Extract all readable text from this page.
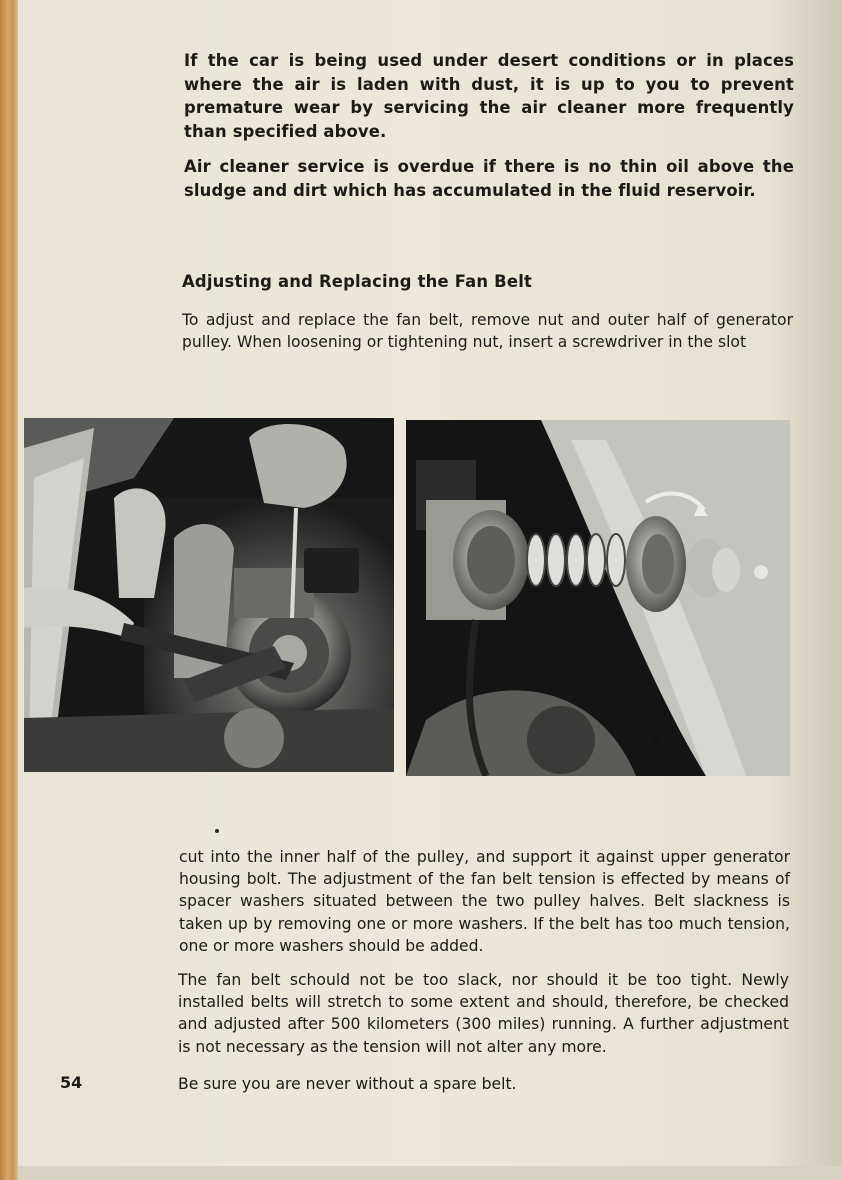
If the car is being used under desert conditions or in places where the air is laden with dust, it is up to you to prevent premature wear by servicing the air cleaner more frequently than specified above.

Air cleaner service is overdue if there is no thin oil above the sludge and dirt which has accumulated in the fluid reservoir.

Adjusting and Replacing the Fan Belt

To adjust and replace the fan belt, remove nut and outer half of generator pulley. When loosening or tightening nut, insert a screwdriver in the slot

cut into the inner half of the pulley, and support it against upper generator housing bolt. The adjustment of the fan belt tension is effected by means of spacer washers situated between the two pulley halves. Belt slackness is taken up by removing one or more washers. If the belt has too much tension, one or more washers should be added.

The fan belt schould not be too slack, nor should it be too tight. Newly installed belts will stretch to some extent and should, therefore, be checked and adjusted after 500 kilometers (300 miles) running. A further adjustment is not necessary as the tension will not alter any more.

Be sure you are never without a spare belt.

54
